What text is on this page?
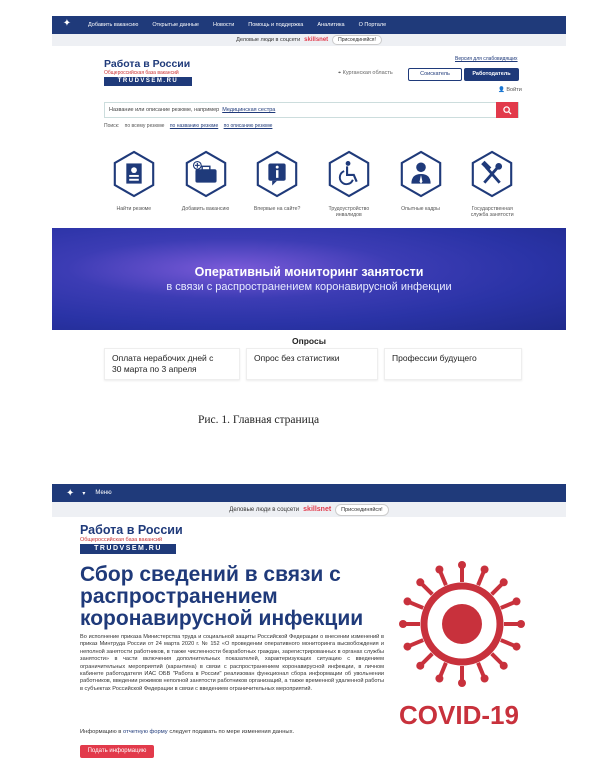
✦	Добавить вакансию	Открытые данные	Новости	Помощь и поддержка	Аналитика	О Портале
Деловые люди в соцсети skillsnet	Присоединяйся!
Работа в России
Общероссийская база вакансий
TRUDVSEM.RU
Версия для слабовидящих
⌖ Курганская область	Соискатель	Работодатель
👤 Войти
Название или описание резюме, например Медицинская сестра
Поиск: по всему резюме по названию резюме по описанию резюме
Найти резюме	Добавить вакансию	Впервые на сайте?	Трудоустройство
инвалидов
Опытные кадры	Государственная
служба занятости
Оперативный мониторинг занятости
в связи с распространением коронавирусной инфекции
Опросы
Оплата нерабочих дней с
30 марта по 3 апреля
Опрос без статистики	Профессии будущего
Рис. 1. Главная страница
✦ ▾ Меню
Деловые люди в соцсети skillsnet	Присоединяйся!
Работа в России
Общероссийская база вакансий
TRUDVSEM.RU
Сбор сведений в связи с
распространением
коронавирусной инфекции
Во исполнение приказа Министерства труда и социальной защиты Российской Федерации о внесении изменений в приказ Минтруда России от 24 марта 2020 г. № 152 «О проведении оперативного мониторинга высвобождения и неполной занятости работников, в также численности безработных граждан, зарегистрированных в органах службы занятости» в части включения дополнительных показателей, характеризующих ситуацию с введением ограничительных мероприятий (карантина) в связи с распространением коронавирусной инфекции, в личном кабинете работодателя ИАС ОБВ "Работа в России" реализован функционал сбора информации об увольнении работников, введении режимов неполной занятости работников организаций, а также временной удаленной работы в субъектах Российской Федерации в связи с введением ограничительных мероприятий.
Информацию в отчетную форму следует подавать по мере изменения данных.
Подать информацию
COVID-19
